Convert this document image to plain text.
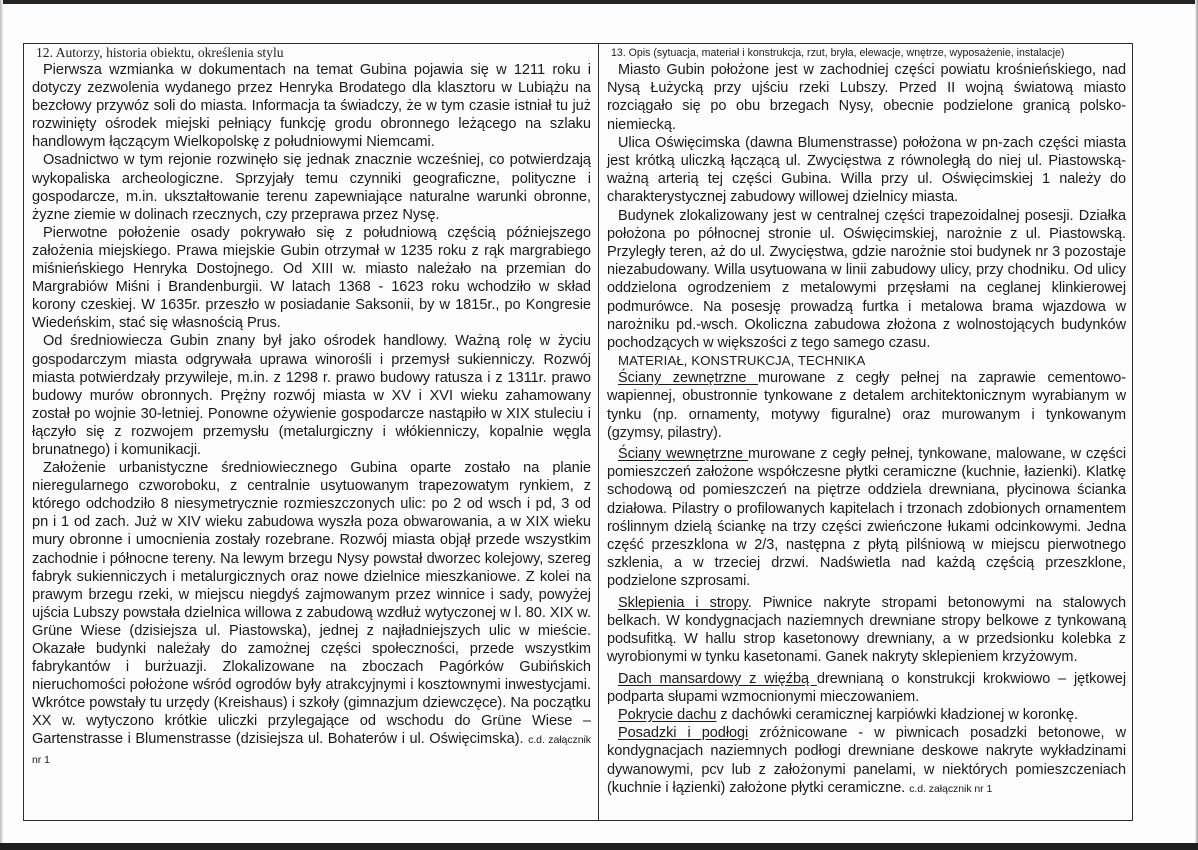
12. Autorzy, historia obiektu, określenia stylu

Pierwsza wzmianka w dokumentach na temat Gubina pojawia się w 1211 roku i dotyczy zezwolenia wydanego przez Henryka Brodatego dla klasztoru w Lubiążu na bezcłowy przywóz soli do miasta. Informacja ta świadczy, że w tym czasie istniał tu już rozwinięty ośrodek miejski pełniący funkcję grodu obronnego leżącego na szlaku handlowym łączącym Wielkopolskę z południowymi Niemcami.

Osadnictwo w tym rejonie rozwinęło się jednak znacznie wcześniej, co potwierdzają wykopaliska archeologiczne. Sprzyjały temu czynniki geograficzne, polityczne i gospodarcze, m.in. ukształtowanie terenu zapewniające naturalne warunki obronne, żyzne ziemie w dolinach rzecznych, czy przeprawa przez Nysę.

Pierwotne położenie osady pokrywało się z południową częścią późniejszego założenia miejskiego. Prawa miejskie Gubin otrzymał w 1235 roku z rąk margrabiego miśnieńskiego Henryka Dostojnego. Od XIII w. miasto należało na przemian do Margrabiów Miśni i Brandenburgii. W latach 1368 - 1623 roku wchodziło w skład korony czeskiej. W 1635r. przeszło w posiadanie Saksonii, by w 1815r., po Kongresie Wiedeńskim, stać się własnością Prus.

Od średniowiecza Gubin znany był jako ośrodek handlowy. Ważną rolę w życiu gospodarczym miasta odgrywała uprawa winorośli i przemysł sukienniczy. Rozwój miasta potwierdzały przywileje, m.in. z 1298 r. prawo budowy ratusza i z 1311r. prawo budowy murów obronnych. Prężny rozwój miasta w XV i XVI wieku zahamowany został po wojnie 30-letniej. Ponowne ożywienie gospodarcze nastąpiło w XIX stuleciu i łączyło się z rozwojem przemysłu (metalurgiczny i włókienniczy, kopalnie węgla brunatnego) i komunikacji.

Założenie urbanistyczne średniowiecznego Gubina oparte zostało na planie nieregularnego czworoboku, z centralnie usytuowanym trapezowatym rynkiem, z którego odchodziło 8 niesymetrycznie rozmieszczonych ulic: po 2 od wsch i pd, 3 od pn i 1 od zach. Już w XIV wieku zabudowa wyszła poza obwarowania, a w XIX wieku mury obronne i umocnienia zostały rozebrane. Rozwój miasta objął przede wszystkim zachodnie i północne tereny. Na lewym brzegu Nysy powstał dworzec kolejowy, szereg fabryk sukienniczych i metalurgicznych oraz nowe dzielnice mieszkaniowe. Z kolei na prawym brzegu rzeki, w miejscu niegdyś zajmowanym przez winnice i sady, powyżej ujścia Lubszy powstała dzielnica willowa z zabudową wzdłuż wytyczonej w l. 80. XIX w. Grüne Wiese (dzisiejsza ul. Piastowska), jednej z najładniejszych ulic w mieście. Okazałe budynki należały do zamożnej części społeczności, przede wszystkim fabrykantów i burżuazji. Zlokalizowane na zboczach Pagórków Gubińskich nieruchomości położone wśród ogrodów były atrakcyjnymi i kosztownymi inwestycjami. Wkrótce powstały tu urzędy (Kreishaus) i szkoły (gimnazjum dziewczęce). Na początku XX w. wytyczono krótkie uliczki przylegające od wschodu do Grüne Wiese – Gartenstrasse i Blumenstrasse (dzisiejsza ul. Bohaterów i ul. Oświęcimska). c.d. załącznik nr 1

13. Opis (sytuacja, materiał i konstrukcja, rzut, bryła, elewacje, wnętrze, wyposażenie, instalacje)

Miasto Gubin położone jest w zachodniej części powiatu krośnieńskiego, nad Nysą Łużycką przy ujściu rzeki Lubszy. Przed II wojną światową miasto rozciągało się po obu brzegach Nysy, obecnie podzielone granicą polsko-niemiecką.

Ulica Oświęcimska (dawna Blumenstrasse) położona w pn-zach części miasta jest krótką uliczką łączącą ul. Zwycięstwa z równoległą do niej ul. Piastowską- ważną arterią tej części Gubina. Willa przy ul. Oświęcimskiej 1 należy do charakterystycznej zabudowy willowej dzielnicy miasta.

Budynek zlokalizowany jest w centralnej części trapezoidalnej posesji. Działka położona po północnej stronie ul. Oświęcimskiej, narożnie z ul. Piastowską. Przyległy teren, aż do ul. Zwycięstwa, gdzie narożnie stoi budynek nr 3 pozostaje niezabudowany. Willa usytuowana w linii zabudowy ulicy, przy chodniku. Od ulicy oddzielona ogrodzeniem z metalowymi przęsłami na ceglanej klinkierowej podmurówce. Na posesję prowadzą furtka i metalowa brama wjazdowa w narożniku pd.-wsch. Okoliczna zabudowa złożona z wolnostojących budynków pochodzących w większości z tego samego czasu.

MATERIAŁ, KONSTRUKCJA, TECHNIKA

Ściany zewnętrzne murowane z cegły pełnej na zaprawie cementowo-wapiennej, obustronnie tynkowane z detalem architektonicznym wyrabianym w tynku (np. ornamenty, motywy figuralne) oraz murowanym i tynkowanym (gzymsy, pilastry).

Ściany wewnętrzne murowane z cegły pełnej, tynkowane, malowane, w części pomieszczeń założone współczesne płytki ceramiczne (kuchnie, łazienki). Klatkę schodową od pomieszczeń na piętrze oddziela drewniana, płycinowa ścianka działowa. Pilastry o profilowanych kapitelach i trzonach zdobionych ornamentem roślinnym dzielą ściankę na trzy części zwieńczone łukami odcinkowymi. Jedna część przeszklona w 2/3, następna z płytą pilśniową w miejscu pierwotnego szklenia, a w trzeciej drzwi. Nadświetla nad każdą częścią przeszklone, podzielone szprosami.

Sklepienia i stropy. Piwnice nakryte stropami betonowymi na stalowych belkach. W kondygnacjach naziemnych drewniane stropy belkowe z tynkowaną podsufitką. W hallu strop kasetonowy drewniany, a w przedsionku kolebka z wyrobionymi w tynku kasetonami. Ganek nakryty sklepieniem krzyżowym.

Dach mansardowy z więźbą drewnianą o konstrukcji krokwiowo – jętkowej podparta słupami wzmocnionymi mieczowaniem.

Pokrycie dachu z dachówki ceramicznej karpiówki kładzionej w koronkę.

Posadzki i podłogi zróżnicowane - w piwnicach posadzki betonowe, w kondygnacjach naziemnych podłogi drewniane deskowe nakryte wykładzinami dywanowymi, pcv lub z założonymi panelami, w niektórych pomieszczeniach (kuchnie i łązienki) założone płytki ceramiczne. c.d. załącznik nr 1
